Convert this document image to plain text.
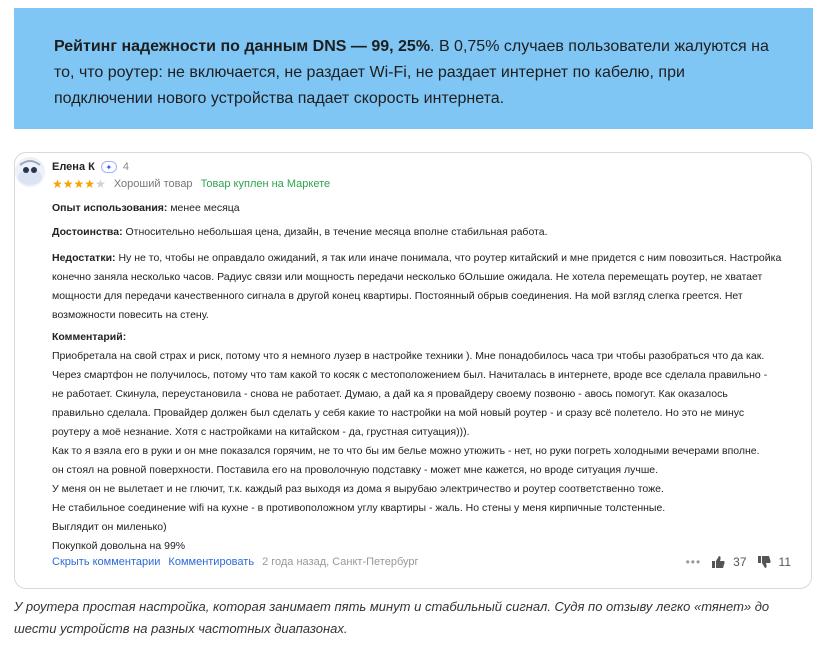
Рейтинг надежности по данным DNS — 99, 25%. В 0,75% случаев пользователи жалуются на то, что роутер: не включается, не раздает Wi-Fi, не раздает интернет по кабелю, при подключении нового устройства падает скорость интернета.
Елена К	✦ 4
★ ★ ★ ★ ★ Хороший товар Товар куплен на Маркете
Опыт использования: менее месяца
Достоинства: Относительно небольшая цена, дизайн, в течение месяца вполне стабильная работа.
Недостатки: Ну не то, чтобы не оправдало ожиданий, я так или иначе понимала, что роутер китайский и мне придется с ним повозиться. Настройка конечно заняла несколько часов. Радиус связи или мощность передачи несколько бОльшие ожидала. Не хотела перемещать роутер, не хватает мощности для передачи качественного сигнала в другой конец квартиры. Постоянный обрыв соединения. На мой взгляд слегка греется. Нет возможности повесить на стену.
Комментарий:
Приобретала на свой страх и риск, потому что я немного лузер в настройке техники ). Мне понадобилось часа три чтобы разобраться что да как.
Через смартфон не получилось, потому что там какой то косяк с местоположением был. Начиталась в интернете, вроде все сделала правильно -
не работает. Скинула, переустановила - снова не работает. Думаю, а дай ка я провайдеру своему позвоню - авось помогут. Как оказалось
правильно сделала. Провайдер должен был сделать у себя какие то настройки на мой новый роутер - и сразу всё полетело. Но это не минус
роутеру а моё незнание. Хотя с настройками на китайском - да, грустная ситуация))).
Как то я взяла его в руки и он мне показался горячим, не то что бы им белье можно утюжить - нет, но руки погреть холодными вечерами вполне.
он стоял на ровной поверхности. Поставила его на проволочную подставку - может мне кажется, но вроде ситуация лучше.
У меня он не вылетает и не глючит, т.к. каждый раз выходя из дома я вырубаю электричество и роутер соответственно тоже.
Не стабильное соединение wifi на кухне - в противоположном углу квартиры - жаль. Но стены у меня кирпичные толстенные.
Выглядит он миленько)
Покупкой довольна на 99%
Скрыть комментарии Комментировать 2 года назад, Санкт-Петербург	•••	37	11
У роутера простая настройка, которая занимает пять минут и стабильный сигнал. Судя по отзыву легко «тянет» до шести устройств на разных частотных диапазонах.
